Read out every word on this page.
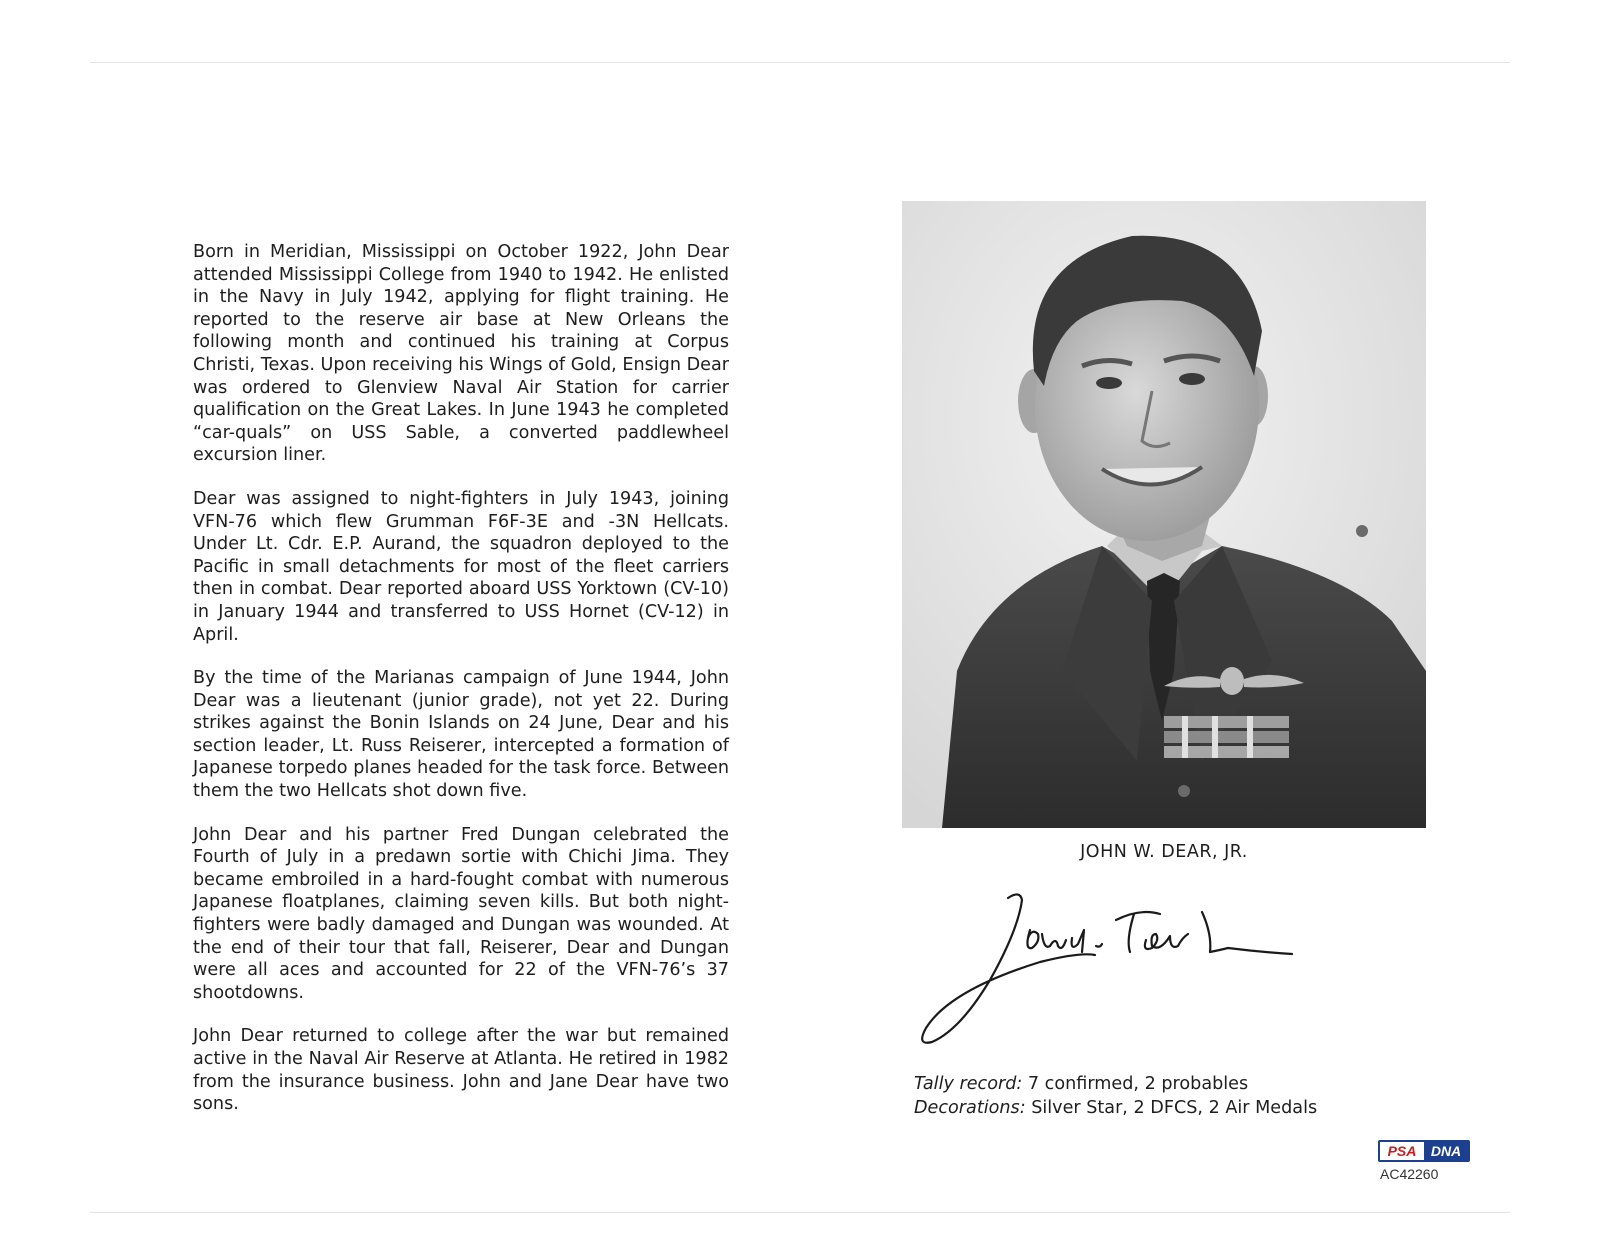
Born in Meridian, Mississippi on October 1922, John Dear attended Mississippi College from 1940 to 1942. He enlisted in the Navy in July 1942, applying for flight training. He reported to the reserve air base at New Orleans the following month and continued his training at Corpus Christi, Texas. Upon receiving his Wings of Gold, Ensign Dear was ordered to Glenview Naval Air Station for carrier qualification on the Great Lakes. In June 1943 he completed “car-quals” on USS Sable, a converted paddlewheel excursion liner.

Dear was assigned to night-fighters in July 1943, joining VFN-76 which flew Grumman F6F-3E and -3N Hellcats. Under Lt. Cdr. E.P. Aurand, the squadron deployed to the Pacific in small detachments for most of the fleet carriers then in combat. Dear reported aboard USS Yorktown (CV-10) in January 1944 and transferred to USS Hornet (CV-12) in April.

By the time of the Marianas campaign of June 1944, John Dear was a lieutenant (junior grade), not yet 22. During strikes against the Bonin Islands on 24 June, Dear and his section leader, Lt. Russ Reiserer, intercepted a formation of Japanese torpedo planes headed for the task force. Between them the two Hellcats shot down five.

John Dear and his partner Fred Dungan celebrated the Fourth of July in a predawn sortie with Chichi Jima. They became embroiled in a hard-fought combat with numerous Japanese floatplanes, claiming seven kills. But both night-fighters were badly damaged and Dungan was wounded. At the end of their tour that fall, Reiserer, Dear and Dungan were all aces and accounted for 22 of the VFN-76’s 37 shootdowns.

John Dear returned to college after the war but remained active in the Naval Air Reserve at Atlanta. He retired in 1982 from the insurance business. John and Jane Dear have two sons.

JOHN W. DEAR, JR.
Tally record: 7 confirmed, 2 probables
Decorations: Silver Star, 2 DFCS, 2 Air Medals
PSA	DNA
AC42260
